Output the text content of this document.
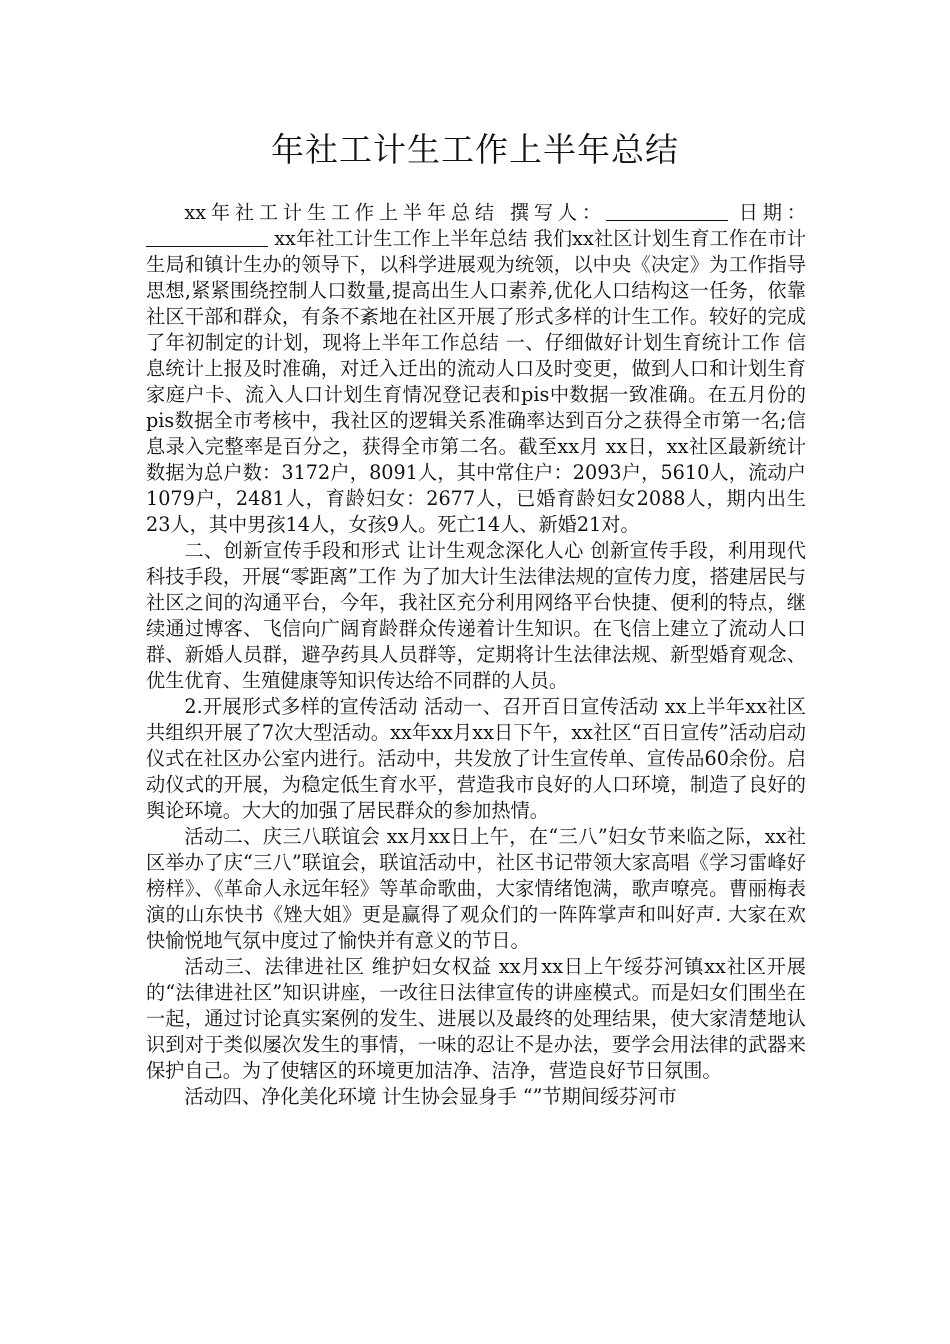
年社工计生工作上半年总结

xx年社工计生工作上半年总结 撰写人：	日期： xx年社工计生工作上半年总结 我们xx社区计划生育工作在市计生局和镇计生办的领导下，以科学进展观为统领，以中央《决定》为工作指导思想,紧紧围绕控制人口数量,提高出生人口素养,优化人口结构这一任务，依靠社区干部和群众，有条不紊地在社区开展了形式多样的计生工作。较好的完成了年初制定的计划，现将上半年工作总结 一、仔细做好计划生育统计工作 信息统计上报及时准确，对迁入迁出的流动人口及时变更，做到人口和计划生育家庭户卡、流入人口计划生育情况登记表和pis中数据一致准确。在五月份的pis数据全市考核中，我社区的逻辑关系准确率达到百分之获得全市第一名;信息录入完整率是百分之，获得全市第二名。截至xx月 xx日，xx社区最新统计数据为总户数：3172户，8091人，其中常住户：2093户，5610人，流动户1079户，2481人，育龄妇女：2677人，已婚育龄妇女2088人，期内出生23人，其中男孩14人，女孩9人。死亡14人、新婚21对。

二、创新宣传手段和形式 让计生观念深化人心 创新宣传手段，利用现代科技手段，开展“零距离”工作 为了加大计生法律法规的宣传力度，搭建居民与社区之间的沟通平台，今年，我社区充分利用网络平台快捷、便利的特点，继续通过博客、飞信向广阔育龄群众传递着计生知识。在飞信上建立了流动人口群、新婚人员群，避孕药具人员群等，定期将计生法律法规、新型婚育观念、优生优育、生殖健康等知识传达给不同群的人员。

2.开展形式多样的宣传活动 活动一、召开百日宣传活动 xx上半年xx社区共组织开展了7次大型活动。xx年xx月xx日下午，xx社区“百日宣传”活动启动仪式在社区办公室内进行。活动中，共发放了计生宣传单、宣传品60余份。启动仪式的开展，为稳定低生育水平，营造我市良好的人口环境，制造了良好的舆论环境。大大的加强了居民群众的参加热情。

活动二、庆三八联谊会 xx月xx日上午，在“三八”妇女节来临之际，xx社区举办了庆“三八”联谊会，联谊活动中，社区书记带领大家高唱《学习雷峰好榜样》、《革命人永远年轻》等革命歌曲，大家情绪饱满，歌声嘹亮。曹丽梅表演的山东快书《矬大姐》更是赢得了观众们的一阵阵掌声和叫好声. 大家在欢快愉悦地气氛中度过了愉快并有意义的节日。

活动三、法律进社区 维护妇女权益 xx月xx日上午绥芬河镇xx社区开展的“法律进社区”知识讲座，一改往日法律宣传的讲座模式。而是妇女们围坐在一起，通过讨论真实案例的发生、进展以及最终的处理结果，使大家清楚地认识到对于类似屡次发生的事情，一味的忍让不是办法，要学会用法律的武器来保护自己。为了使辖区的环境更加洁净、洁净，营造良好节日氛围。

活动四、净化美化环境 计生协会显身手 “”节期间绥芬河市
